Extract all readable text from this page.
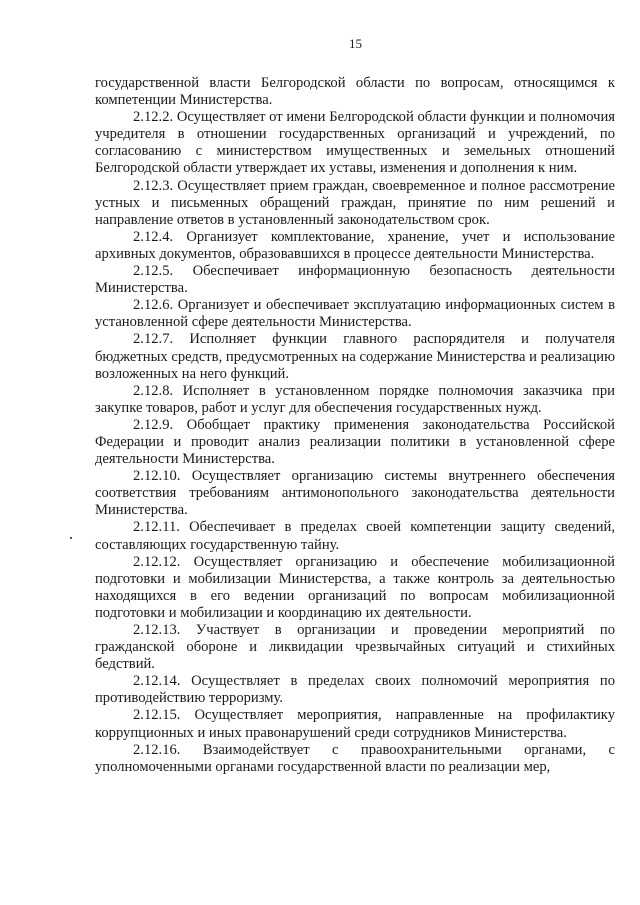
15

государственной власти Белгородской области по вопросам, относящимся к компетенции Министерства.

2.12.2. Осуществляет от имени Белгородской области функции и полномочия учредителя в отношении государственных организаций и учреждений, по согласованию с министерством имущественных и земельных отношений Белгородской области утверждает их уставы, изменения и дополнения к ним.

2.12.3. Осуществляет прием граждан, своевременное и полное рассмотрение устных и письменных обращений граждан, принятие по ним решений и направление ответов в установленный законодательством срок.

2.12.4. Организует комплектование, хранение, учет и использование архивных документов, образовавшихся в процессе деятельности Министерства.

2.12.5. Обеспечивает информационную безопасность деятельности Министерства.

2.12.6. Организует и обеспечивает эксплуатацию информационных систем в установленной сфере деятельности Министерства.

2.12.7. Исполняет функции главного распорядителя и получателя бюджетных средств, предусмотренных на содержание Министерства и реализацию возложенных на него функций.

2.12.8. Исполняет в установленном порядке полномочия заказчика при закупке товаров, работ и услуг для обеспечения государственных нужд.

2.12.9. Обобщает практику применения законодательства Российской Федерации и проводит анализ реализации политики в установленной сфере деятельности Министерства.

2.12.10. Осуществляет организацию системы внутреннего обеспечения соответствия требованиям антимонопольного законодательства деятельности Министерства.

2.12.11. Обеспечивает в пределах своей компетенции защиту сведений, составляющих государственную тайну.

2.12.12. Осуществляет организацию и обеспечение мобилизационной подготовки и мобилизации Министерства, а также контроль за деятельностью находящихся в его ведении организаций по вопросам мобилизационной подготовки и мобилизации и координацию их деятельности.

2.12.13. Участвует в организации и проведении мероприятий по гражданской обороне и ликвидации чрезвычайных ситуаций и стихийных бедствий.

2.12.14. Осуществляет в пределах своих полномочий мероприятия по противодействию терроризму.

2.12.15. Осуществляет мероприятия, направленные на профилактику коррупционных и иных правонарушений среди сотрудников Министерства.

2.12.16. Взаимодействует с правоохранительными органами, с уполномоченными органами государственной власти по реализации мер,
